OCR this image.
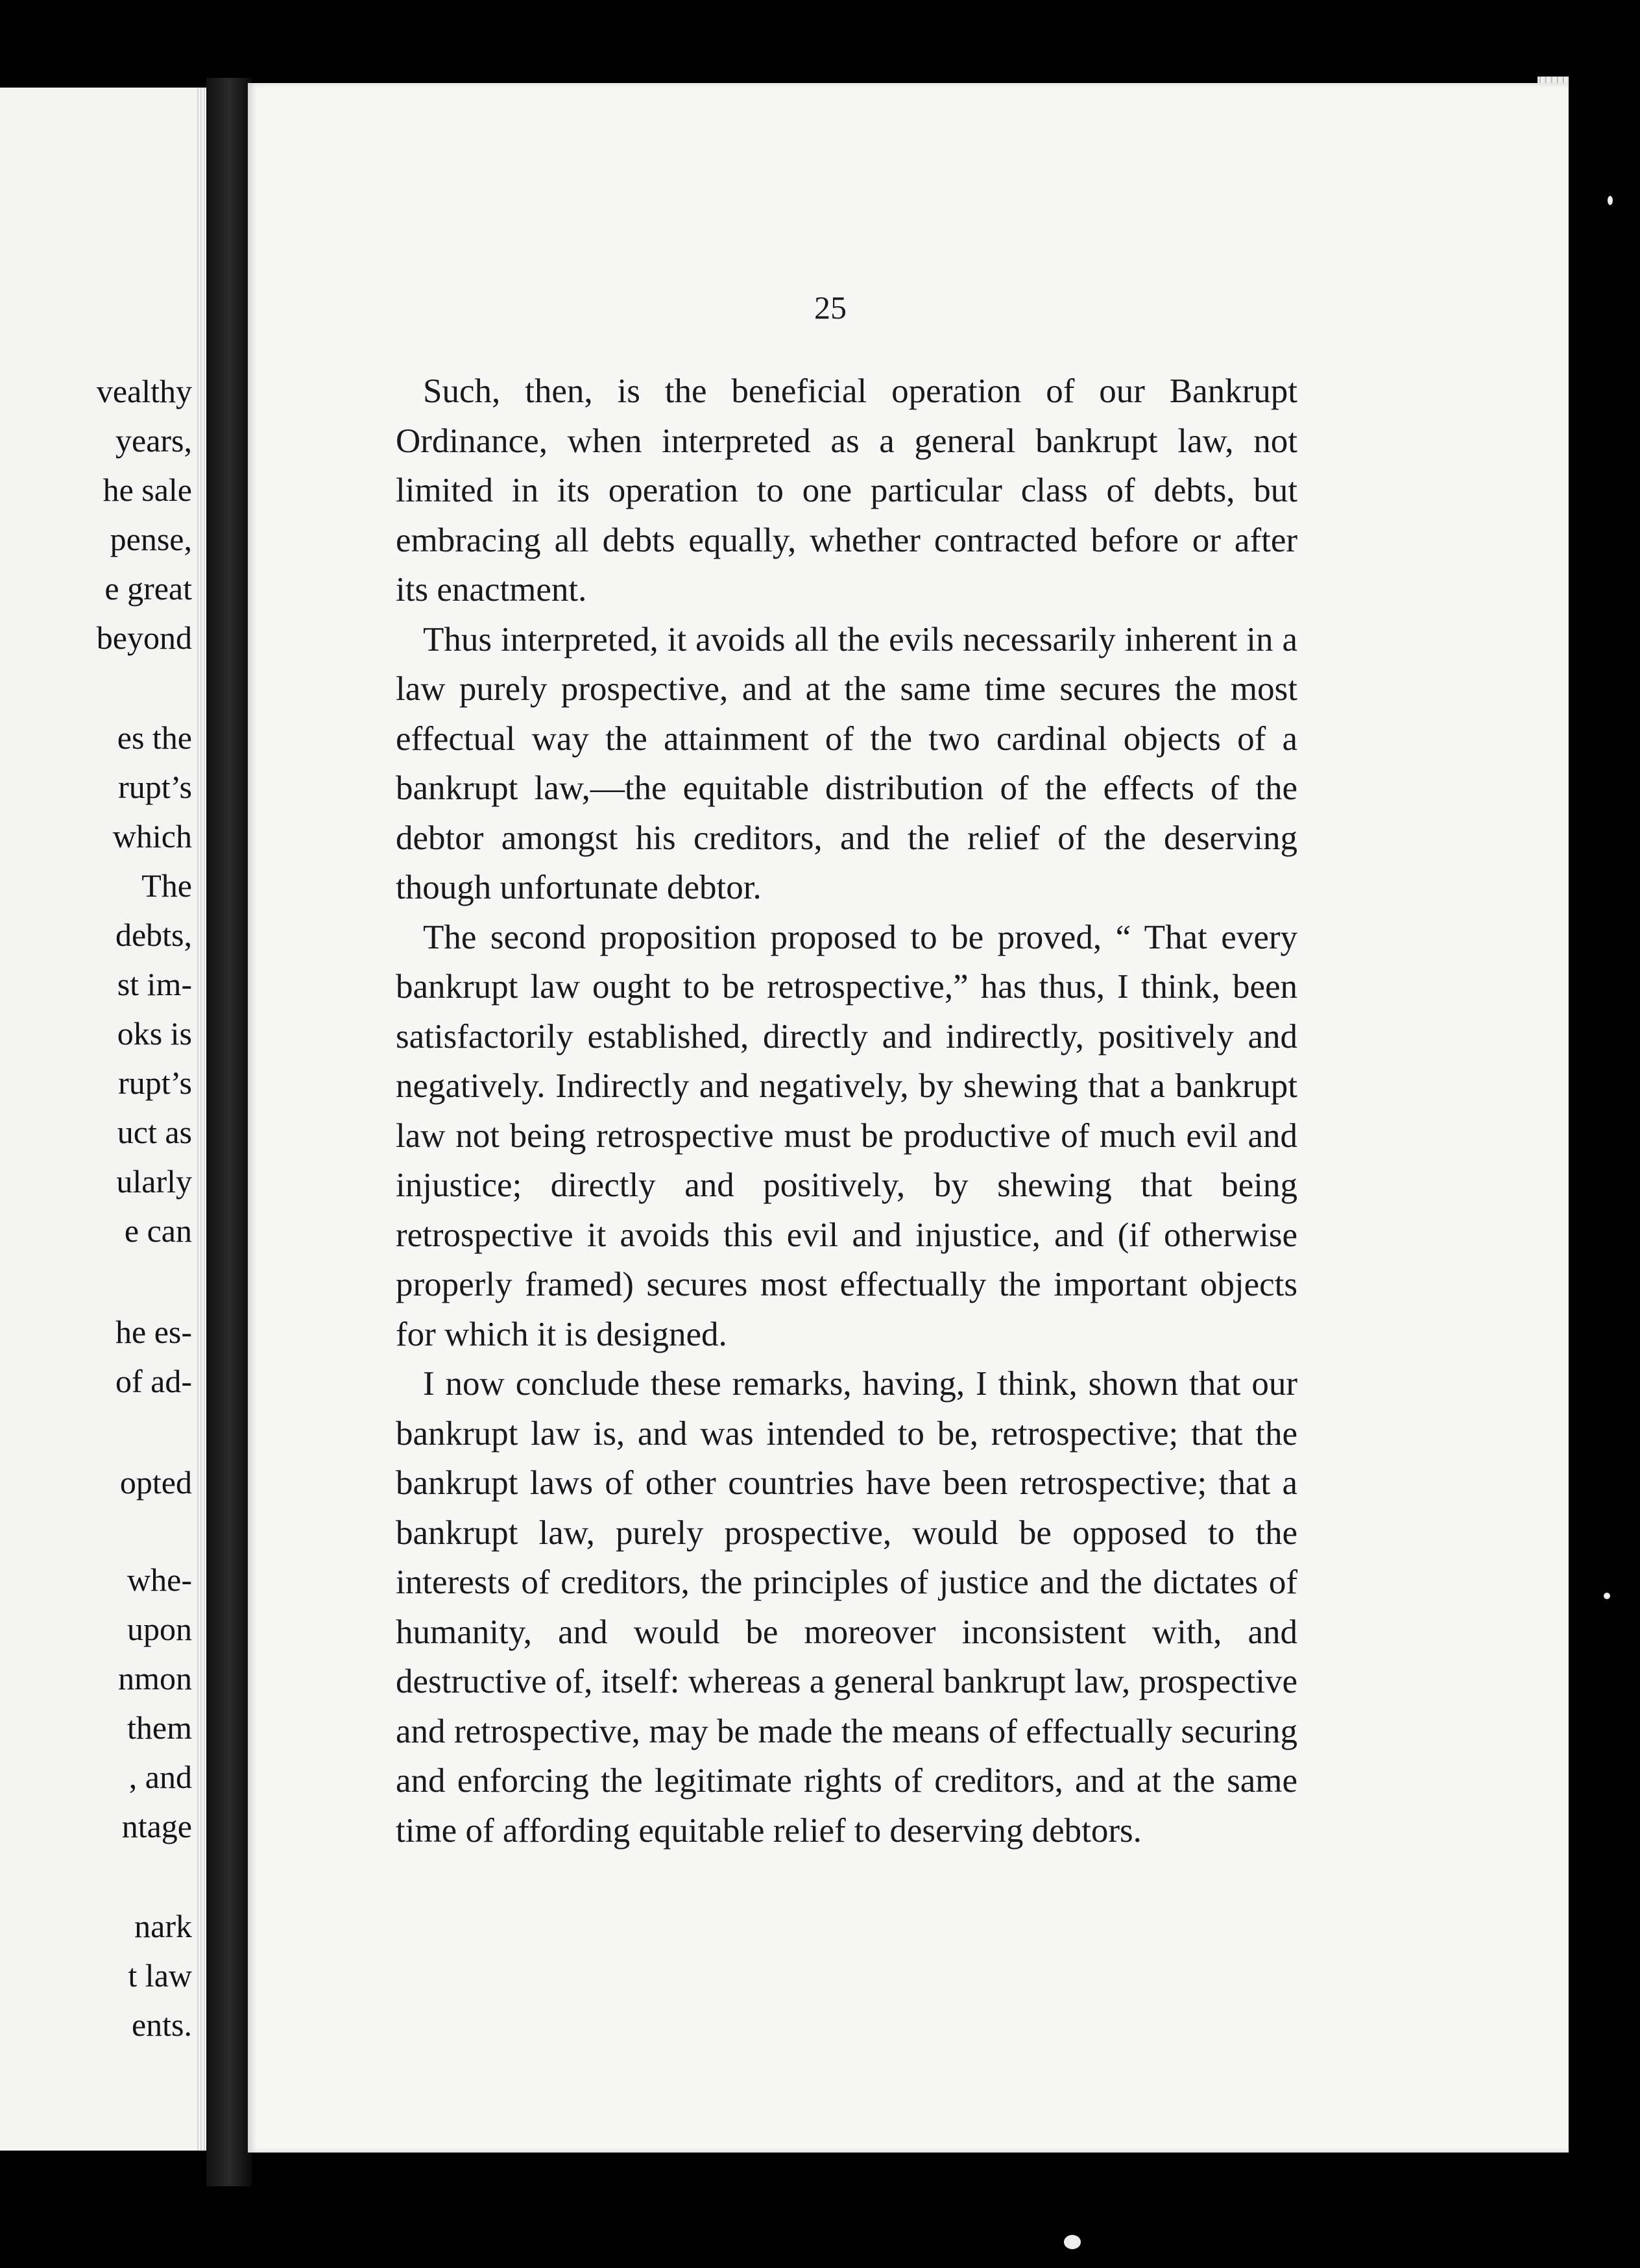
vealthy
years,
he sale
pense,
e great
beyond
es the
rupt’s
which
The
debts,
st im-
oks is
rupt’s
uct as
ularly
e can
he es-
of ad-
opted
whe-
upon
nmon
them
, and
ntage
nark
t law
ents.
25

Such, then, is the beneficial operation of our Bankrupt Ordinance, when interpreted as a general bankrupt law, not limited in its operation to one particular class of debts, but embracing all debts equally, whether contracted before or after its enactment.

Thus interpreted, it avoids all the evils necessarily inherent in a law purely prospective, and at the same time secures the most effectual way the attainment of the two cardinal objects of a bankrupt law,—the equitable distribution of the effects of the debtor amongst his creditors, and the relief of the deserving though unfortunate debtor.

The second proposition proposed to be proved, “ That every bankrupt law ought to be retrospective,” has thus, I think, been satisfactorily established, directly and indirectly, positively and negatively. Indirectly and negatively, by shewing that a bankrupt law not being retrospective must be productive of much evil and injustice; directly and positively, by shewing that being retrospective it avoids this evil and injustice, and (if otherwise properly framed) secures most effectually the important objects for which it is designed.

I now conclude these remarks, having, I think, shown that our bankrupt law is, and was intended to be, retrospective; that the bankrupt laws of other countries have been retrospective; that a bankrupt law, purely prospective, would be opposed to the interests of creditors, the principles of justice and the dictates of humanity, and would be moreover inconsistent with, and destructive of, itself: whereas a general bankrupt law, prospective and retrospective, may be made the means of effectually securing and enforcing the legitimate rights of creditors, and at the same time of affording equitable relief to deserving debtors.
